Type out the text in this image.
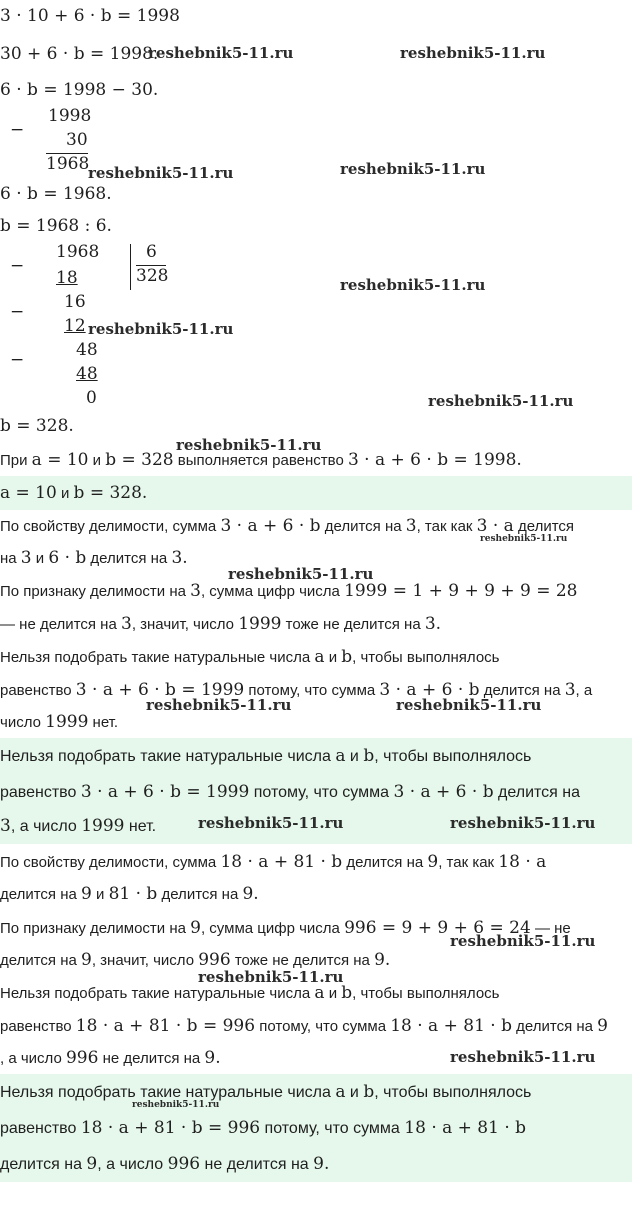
3 · 10 + 6 · b = 1998
30 + 6 · b = 1998.
6 · b = 1998 − 30.
−
1998
30
1968
6 · b = 1968.
b = 1968 : 6.
−
1968
18
6
328
16
−
12
48
−
48
0
b = 328.
При a = 10 и b = 328 выполняется равенство 3 · a + 6 · b = 1998.
a = 10 и b = 328.
По свойству делимости, сумма 3 · a + 6 · b делится на 3, так как 3 · a делится
на 3 и 6 · b делится на 3.
По признаку делимости на 3, сумма цифр числа 1999 = 1 + 9 + 9 + 9 = 28
— не делится на 3, значит, число 1999 тоже не делится на 3.
Нельзя подобрать такие натуральные числа a и b, чтобы выполнялось
равенство 3 · a + 6 · b = 1999 потому, что сумма 3 · a + 6 · b делится на 3, а
число 1999 нет.
Нельзя подобрать такие натуральные числа a и b, чтобы выполнялось
равенство 3 · a + 6 · b = 1999 потому, что сумма 3 · a + 6 · b делится на
3, а число 1999 нет.
По свойству делимости, сумма 18 · a + 81 · b делится на 9, так как 18 · a
делится на 9 и 81 · b делится на 9.
По признаку делимости на 9, сумма цифр числа 996 = 9 + 9 + 6 = 24 — не
делится на 9, значит, число 996 тоже не делится на 9.
Нельзя подобрать такие натуральные числа a и b, чтобы выполнялось
равенство 18 · a + 81 · b = 996 потому, что сумма 18 · a + 81 · b делится на 9
, а число 996 не делится на 9.
Нельзя подобрать такие натуральные числа a и b, чтобы выполнялось
равенство 18 · a + 81 · b = 996 потому, что сумма 18 · a + 81 · b
делится на 9, а число 996 не делится на 9.
reshebnik5-11.ru	reshebnik5-11.ru
reshebnik5-11.ru	reshebnik5-11.ru
reshebnik5-11.ru
reshebnik5-11.ru
reshebnik5-11.ru
reshebnik5-11.ru
reshebnik5-11.ru
reshebnik5-11.ru
reshebnik5-11.ru	reshebnik5-11.ru
reshebnik5-11.ru	reshebnik5-11.ru
reshebnik5-11.ru
reshebnik5-11.ru
reshebnik5-11.ru
reshebnik5-11.ru
